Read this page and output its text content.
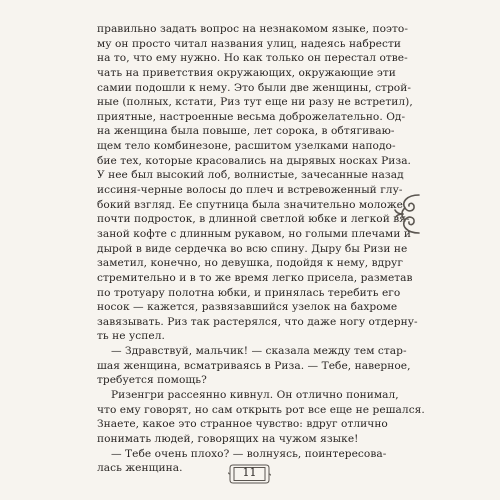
правильно задать вопрос на незнакомом языке, поэто-
му он просто читал названия улиц, надеясь набрести
на то, что ему нужно. Но как только он перестал отве-
чать на приветствия окружающих, окружающие эти
самии подошли к нему. Это были две женщины, строй-
ные (полных, кстати, Риз тут еще ни разу не встретил),
приятные, настроенные весьма доброжелательно. Од-
на женщина была повыше, лет сорока, в обтягиваю-
щем тело комбинезоне, расшитом узелками наподо-
бие тех, которые красовались на дырявых носках Риза.
У нее был высокий лоб, волнистые, зачесанные назад
иссиня-черные волосы до плеч и встревоженный глу-
бокий взгляд. Ее спутница была значительно моложе,
почти подросток, в длинной светлой юбке и легкой вя-
заной кофте с длинным рукавом, но голыми плечами и
дырой в виде сердечка во всю спину. Дыру бы Ризи не
заметил, конечно, но девушка, подойдя к нему, вдруг
стремительно и в то же время легко присела, разметав
по тротуару полотна юбки, и принялась теребить его
носок — кажется, развязавшийся узелок на бахроме
завязывать. Риз так растерялся, что даже ногу отдерну-
ть не успел.
— Здравствуй, мальчик! — сказала между тем стар-
шая женщина, всматриваясь в Риза. — Тебе, наверное,
требуется помощь?
Ризенгри рассеянно кивнул. Он отлично понимал,
что ему говорят, но сам открыть рот все еще не решался.
Знаете, какое это странное чувство: вдруг отлично
понимать людей, говорящих на чужом языке!
— Тебе очень плохо? — волнуясь, поинтересова-
лась женщина.	11
